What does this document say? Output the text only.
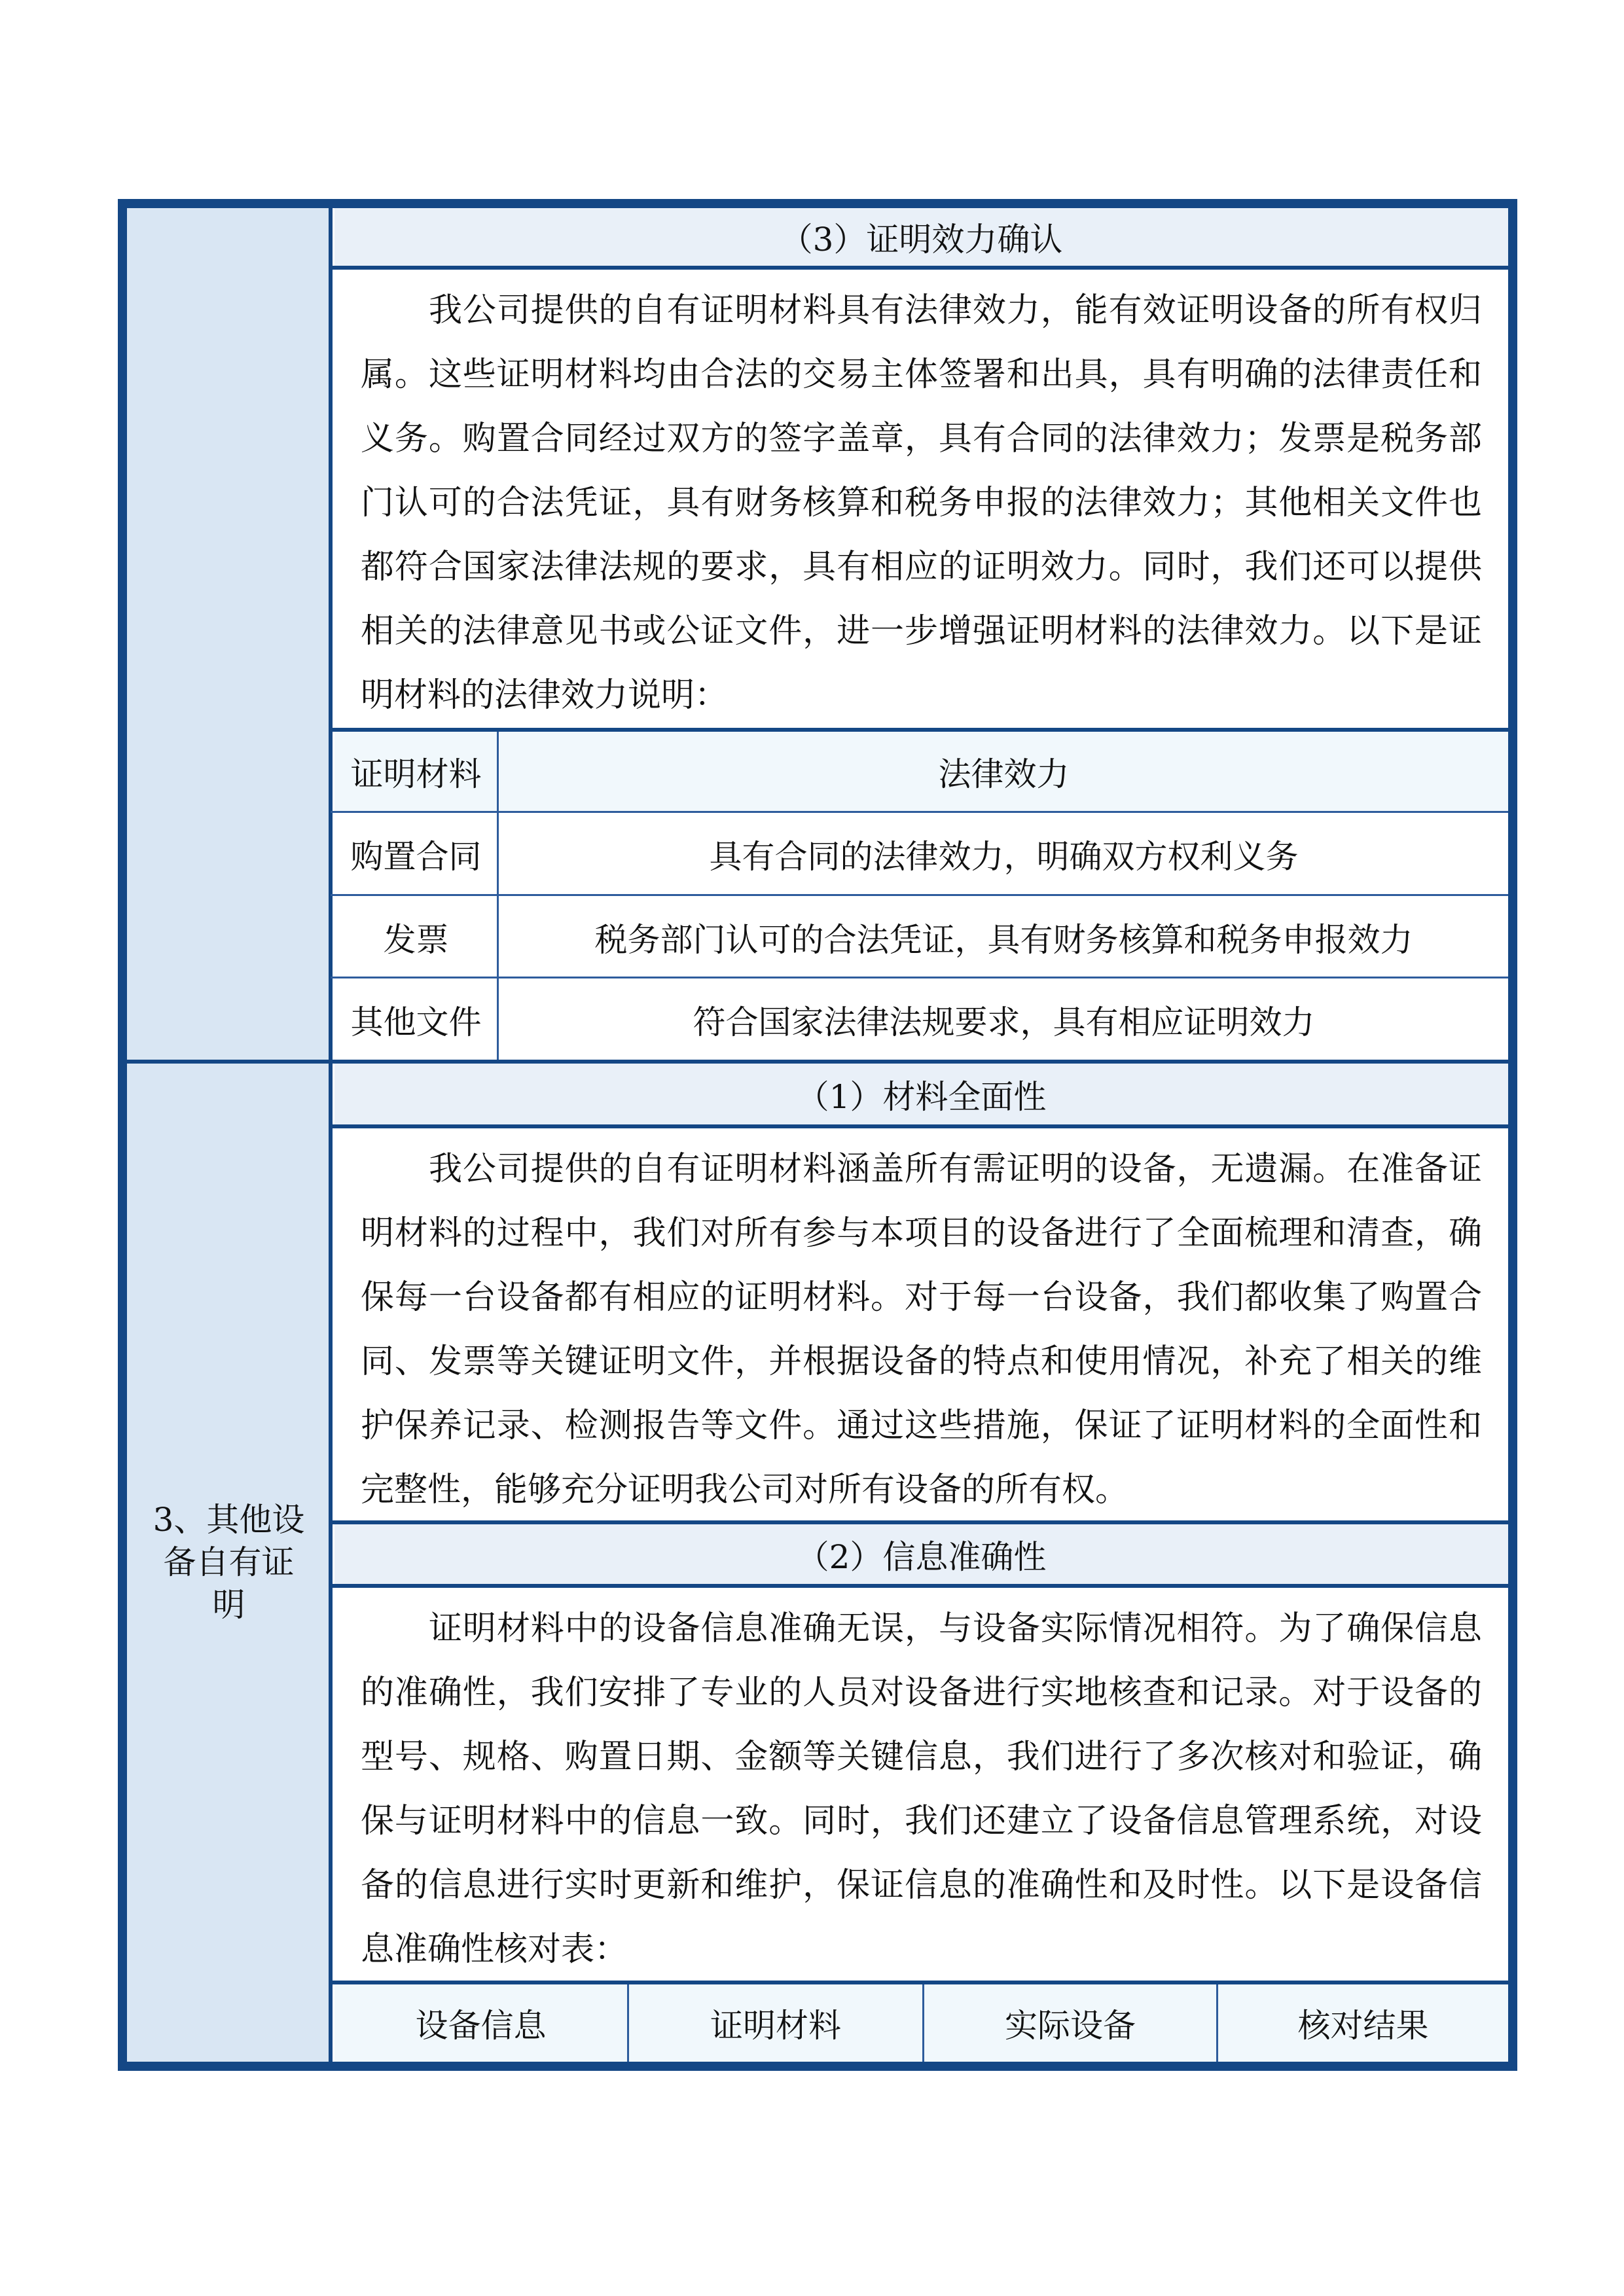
3、其他设
备自有证
明
（3）证明效力确认
我公司提供的自有证明材料具有法律效力，能有效证明设备的所有权归属。这些证明材料均由合法的交易主体签署和出具，具有明确的法律责任和义务。购置合同经过双方的签字盖章，具有合同的法律效力；发票是税务部门认可的合法凭证，具有财务核算和税务申报的法律效力；其他相关文件也都符合国家法律法规的要求，具有相应的证明效力。同时，我们还可以提供相关的法律意见书或公证文件，进一步增强证明材料的法律效力。以下是证明材料的法律效力说明：
证明材料	法律效力
购置合同	具有合同的法律效力，明确双方权利义务
发票	税务部门认可的合法凭证，具有财务核算和税务申报效力
其他文件	符合国家法律法规要求，具有相应证明效力
（1）材料全面性
我公司提供的自有证明材料涵盖所有需证明的设备，无遗漏。在准备证明材料的过程中，我们对所有参与本项目的设备进行了全面梳理和清查，确保每一台设备都有相应的证明材料。对于每一台设备，我们都收集了购置合同、发票等关键证明文件，并根据设备的特点和使用情况，补充了相关的维护保养记录、检测报告等文件。通过这些措施，保证了证明材料的全面性和完整性，能够充分证明我公司对所有设备的所有权。
（2）信息准确性
证明材料中的设备信息准确无误，与设备实际情况相符。为了确保信息的准确性，我们安排了专业的人员对设备进行实地核查和记录。对于设备的型号、规格、购置日期、金额等关键信息，我们进行了多次核对和验证，确保与证明材料中的信息一致。同时，我们还建立了设备信息管理系统，对设备的信息进行实时更新和维护，保证信息的准确性和及时性。以下是设备信息准确性核对表：
设备信息	证明材料	实际设备	核对结果
